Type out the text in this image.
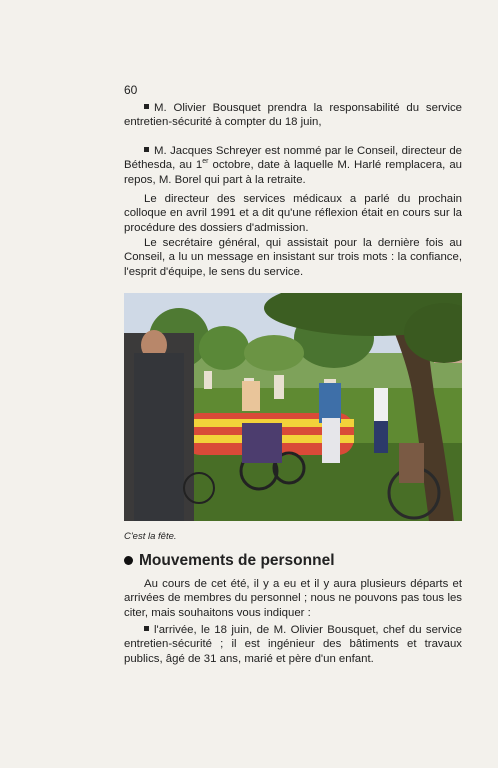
60

M. Olivier Bousquet prendra la responsabilité du service entretien-sécurité à compter du 18 juin,

M. Jacques Schreyer est nommé par le Conseil, directeur de Béthesda, au 1er octobre, date à laquelle M. Harlé remplacera, au repos, M. Borel qui part à la retraite.

Le directeur des services médicaux a parlé du prochain colloque en avril 1991 et a dit qu'une réflexion était en cours sur la procédure des dossiers d'admission.

Le secrétaire général, qui assistait pour la dernière fois au Conseil, a lu un message en insistant sur trois mots : la confiance, l'esprit d'équipe, le sens du service.

C'est la fête.
Mouvements de personnel

Au cours de cet été, il y a eu et il y aura plusieurs départs et arrivées de membres du personnel ; nous ne pouvons pas tous les citer, mais souhaitons vous indiquer :

l'arrivée, le 18 juin, de M. Olivier Bousquet, chef du service entretien-sécurité ; il est ingénieur des bâtiments et travaux publics, âgé de 31 ans, marié et père d'un enfant.
